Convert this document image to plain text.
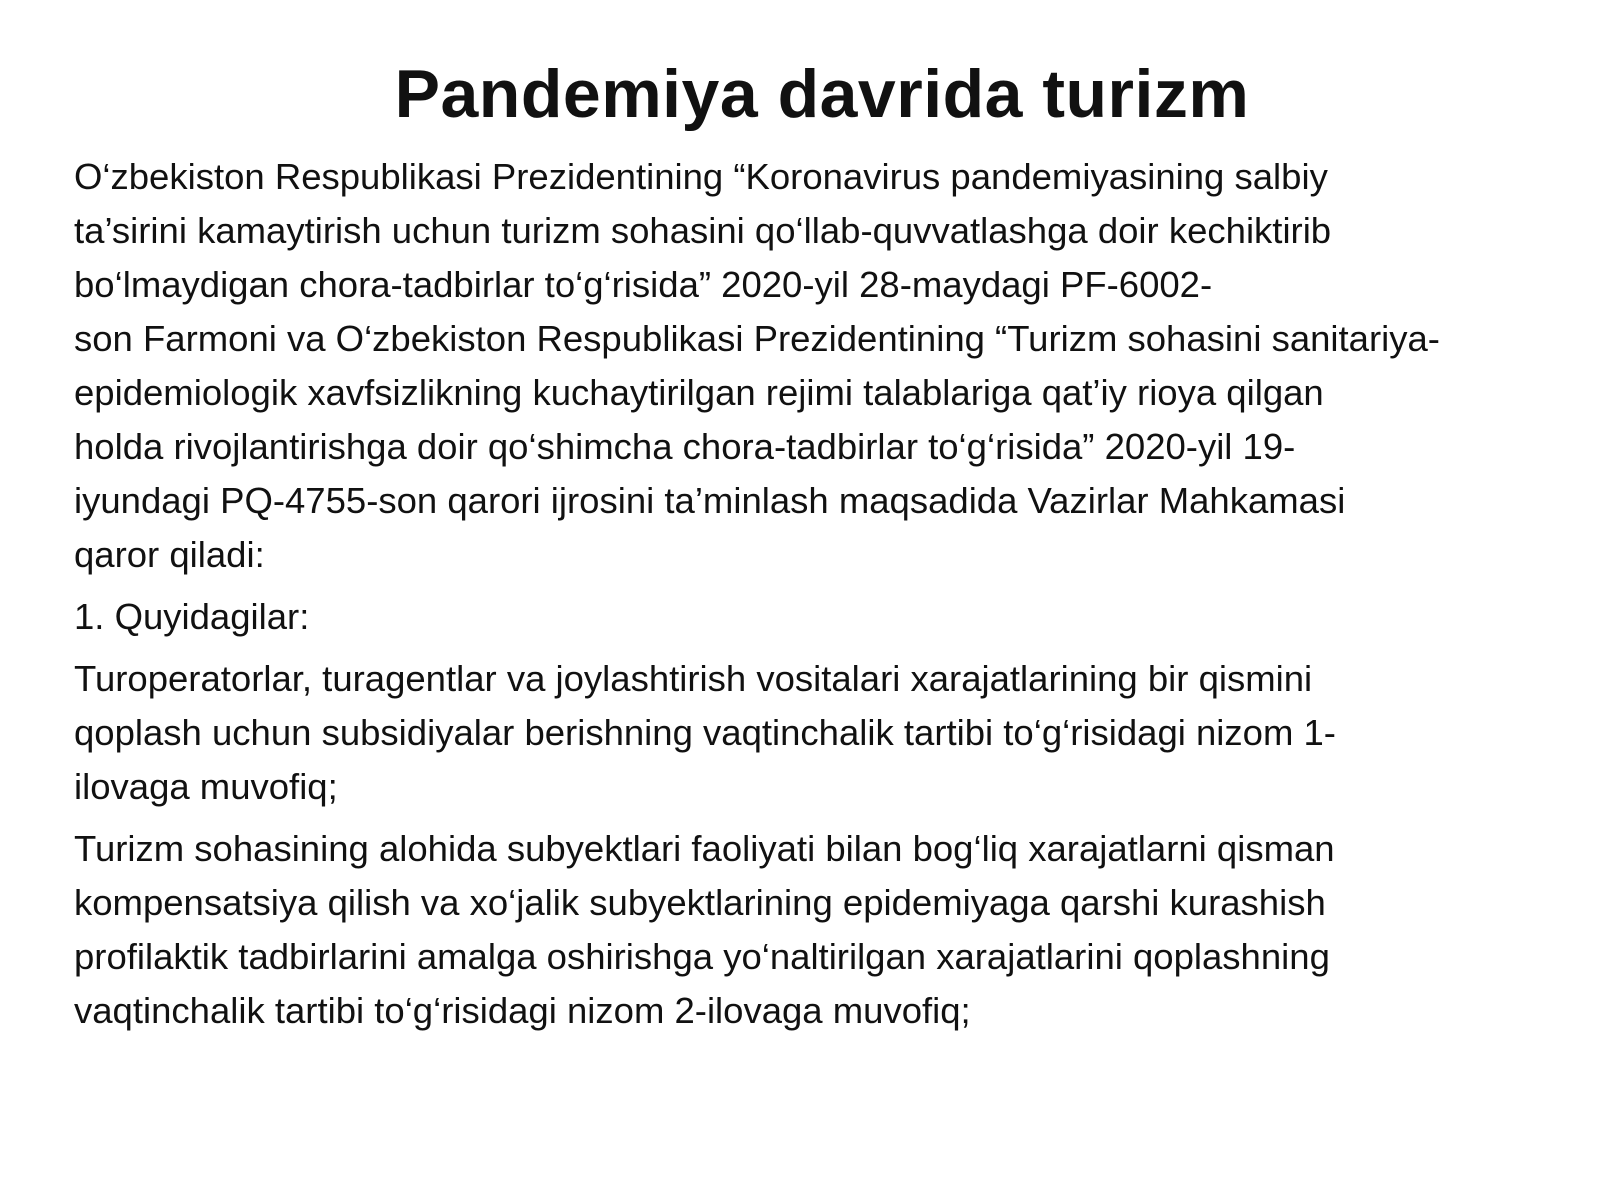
Pandemiya davrida turizm

O‘zbekiston Respublikasi Prezidentining “Koronavirus pandemiyasining salbiy
ta’sirini kamaytirish uchun turizm sohasini qo‘llab-quvvatlashga doir kechiktirib
bo‘lmaydigan chora-tadbirlar to‘g‘risida” 2020-yil 28-maydagi PF-6002-
son Farmoni va O‘zbekiston Respublikasi Prezidentining “Turizm sohasini sanitariya-
epidemiologik xavfsizlikning kuchaytirilgan rejimi talablariga qat’iy rioya qilgan
holda rivojlantirishga doir qo‘shimcha chora-tadbirlar to‘g‘risida” 2020-yil 19-
iyundagi PQ-4755-son qarori ijrosini ta’minlash maqsadida Vazirlar Mahkamasi
qaror qiladi:

1. Quyidagilar:

Turoperatorlar, turagentlar va joylashtirish vositalari xarajatlarining bir qismini
qoplash uchun subsidiyalar berishning vaqtinchalik tartibi to‘g‘risidagi nizom 1-
ilovaga muvofiq;

Turizm sohasining alohida subyektlari faoliyati bilan bog‘liq xarajatlarni qisman
kompensatsiya qilish va xo‘jalik subyektlarining epidemiyaga qarshi kurashish
profilaktik tadbirlarini amalga oshirishga yo‘naltirilgan xarajatlarini qoplashning
vaqtinchalik tartibi to‘g‘risidagi nizom 2-ilovaga muvofiq;
